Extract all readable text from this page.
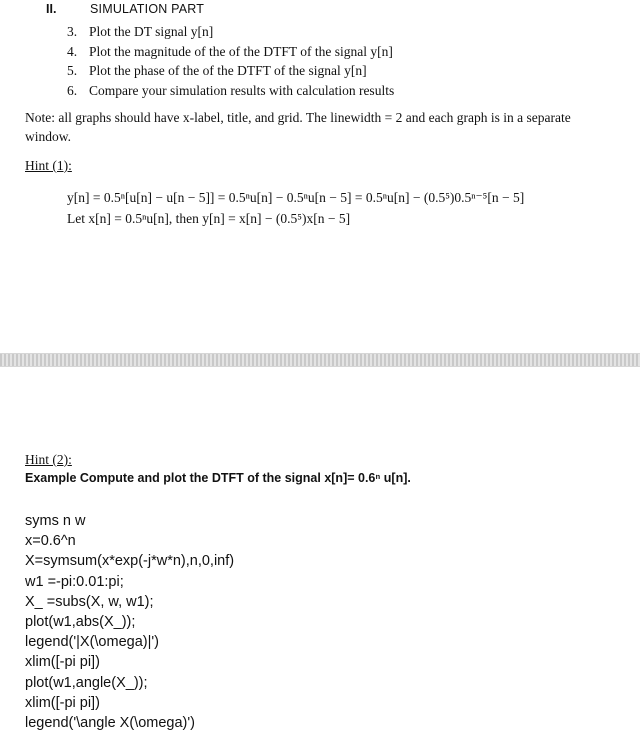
II.	SIMULATION PART
3. Plot the DT signal y[n]
4. Plot the magnitude of the of the DTFT of the signal y[n]
5. Plot the phase of the of the DTFT of the signal y[n]
6. Compare your simulation results with calculation results
Note: all graphs should have x-label, title, and grid. The linewidth = 2 and each graph is in a separate window.
Hint (1):
y[n] = 0.5ⁿ[u[n] − u[n − 5]] = 0.5ⁿu[n] − 0.5ⁿu[n − 5] = 0.5ⁿu[n] − (0.5⁵)0.5ⁿ⁻⁵[n − 5]
Let x[n] = 0.5ⁿu[n], then y[n] = x[n] − (0.5⁵)x[n − 5]
Hint (2):
Example Compute and plot the DTFT of the signal x[n]= 0.6ⁿ u[n].
syms n w
x=0.6^n
X=symsum(x*exp(-j*w*n),n,0,inf)
w1 =-pi:0.01:pi;
X_ =subs(X, w, w1);
plot(w1,abs(X_));
legend('|X(\omega)|')
xlim([-pi pi])
plot(w1,angle(X_));
xlim([-pi pi])
legend('\angle X(\omega)')
